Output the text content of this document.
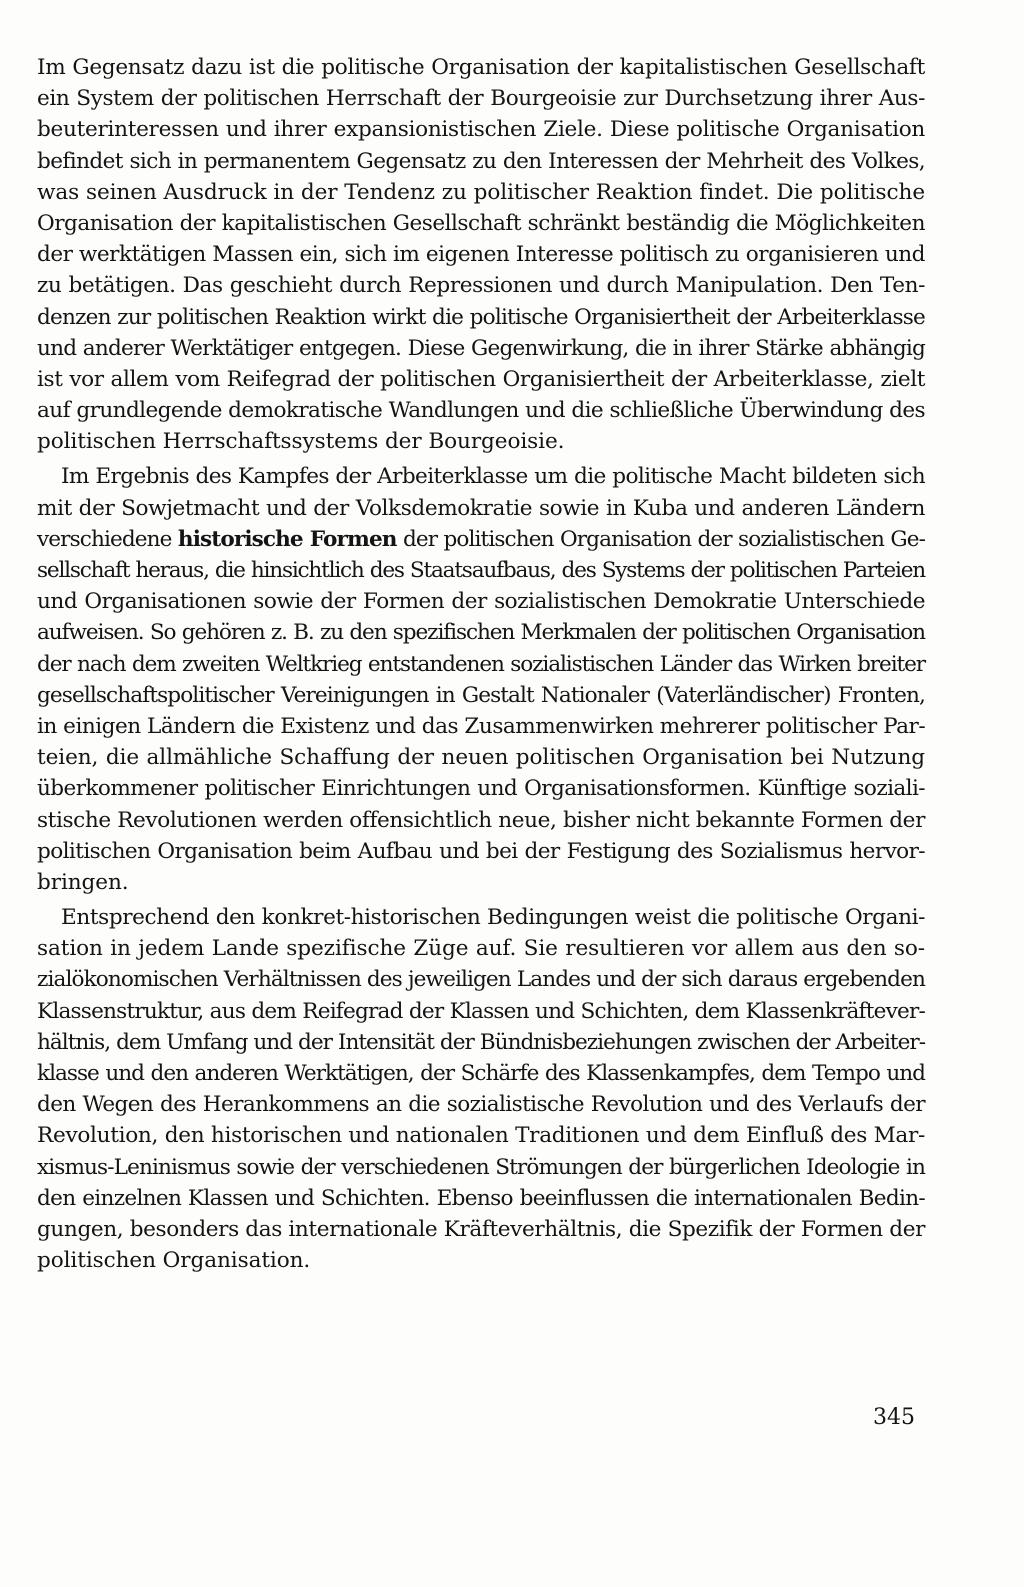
Im Gegensatz dazu ist die politische Organisation der kapitalistischen Gesellschaft
ein System der politischen Herrschaft der Bourgeoisie zur Durchsetzung ihrer Aus-
beuterinteressen und ihrer expansionistischen Ziele. Diese politische Organisation
befindet sich in permanentem Gegensatz zu den Interessen der Mehrheit des Volkes,
was seinen Ausdruck in der Tendenz zu politischer Reaktion findet. Die politische
Organisation der kapitalistischen Gesellschaft schränkt beständig die Möglichkeiten
der werktätigen Massen ein, sich im eigenen Interesse politisch zu organisieren und
zu betätigen. Das geschieht durch Repressionen und durch Manipulation. Den Ten-
denzen zur politischen Reaktion wirkt die politische Organisiertheit der Arbeiterklasse
und anderer Werktätiger entgegen. Diese Gegenwirkung, die in ihrer Stärke abhängig
ist vor allem vom Reifegrad der politischen Organisiertheit der Arbeiterklasse, zielt
auf grundlegende demokratische Wandlungen und die schließliche Überwindung des
politischen Herrschaftssystems der Bourgeoisie.
Im Ergebnis des Kampfes der Arbeiterklasse um die politische Macht bildeten sich
mit der Sowjetmacht und der Volksdemokratie sowie in Kuba und anderen Ländern
verschiedene historische Formen der politischen Organisation der sozialistischen Ge-
sellschaft heraus, die hinsichtlich des Staatsaufbaus, des Systems der politischen Parteien
und Organisationen sowie der Formen der sozialistischen Demokratie Unterschiede
aufweisen. So gehören z. B. zu den spezifischen Merkmalen der politischen Organisation
der nach dem zweiten Weltkrieg entstandenen sozialistischen Länder das Wirken breiter
gesellschaftspolitischer Vereinigungen in Gestalt Nationaler (Vaterländischer) Fronten,
in einigen Ländern die Existenz und das Zusammenwirken mehrerer politischer Par-
teien, die allmähliche Schaffung der neuen politischen Organisation bei Nutzung
überkommener politischer Einrichtungen und Organisationsformen. Künftige soziali-
stische Revolutionen werden offensichtlich neue, bisher nicht bekannte Formen der
politischen Organisation beim Aufbau und bei der Festigung des Sozialismus hervor-
bringen.
Entsprechend den konkret-historischen Bedingungen weist die politische Organi-
sation in jedem Lande spezifische Züge auf. Sie resultieren vor allem aus den so-
zialökonomischen Verhältnissen des jeweiligen Landes und der sich daraus ergebenden
Klassenstruktur, aus dem Reifegrad der Klassen und Schichten, dem Klassenkräftever-
hältnis, dem Umfang und der Intensität der Bündnisbeziehungen zwischen der Arbeiter-
klasse und den anderen Werktätigen, der Schärfe des Klassenkampfes, dem Tempo und
den Wegen des Herankommens an die sozialistische Revolution und des Verlaufs der
Revolution, den historischen und nationalen Traditionen und dem Einfluß des Mar-
xismus-Leninismus sowie der verschiedenen Strömungen der bürgerlichen Ideologie in
den einzelnen Klassen und Schichten. Ebenso beeinflussen die internationalen Bedin-
gungen, besonders das internationale Kräfteverhältnis, die Spezifik der Formen der
politischen Organisation.
345
